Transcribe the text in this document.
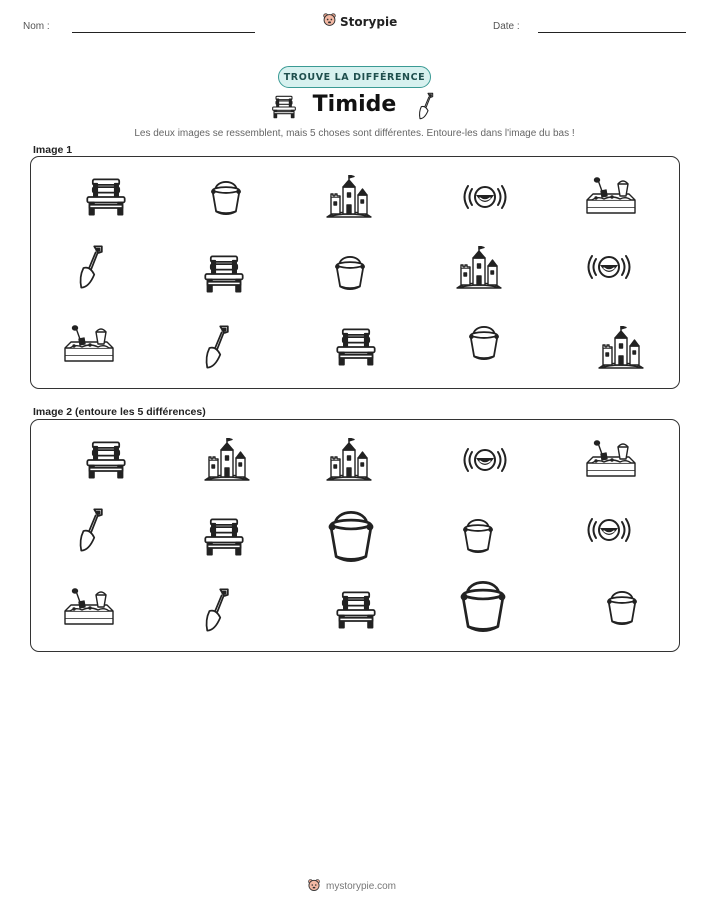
Nom :	Storypie	Date :
TROUVE LA DIFFÉRENCE
Timide
Les deux images se ressemblent, mais 5 choses sont différentes. Entoure-les dans l'image du bas !
Image 1
Image 2 (entoure les 5 différences)
mystorypie.com
